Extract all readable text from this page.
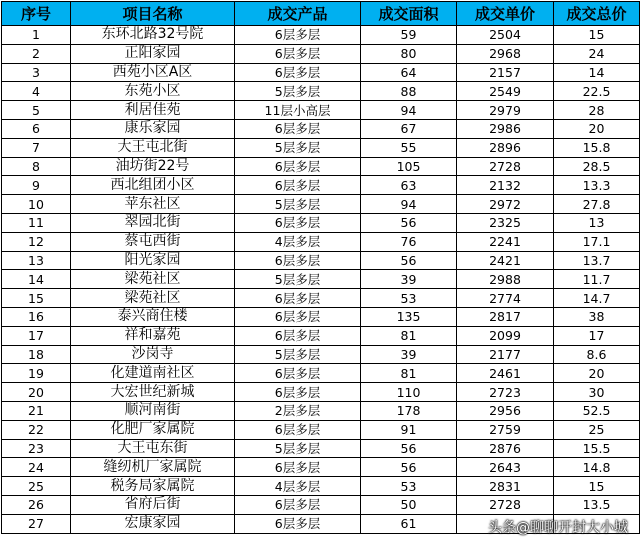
序号	项目名称	成交产品	成交面积	成交单价	成交总价
1	东环北路32号院	6层多层	59	2504	15
2	正阳家园	6层多层	80	2968	24
3	西苑小区A区	6层多层	64	2157	14
4	东苑小区	5层多层	88	2549	22.5
5	利居佳苑	11层小高层	94	2979	28
6	康乐家园	6层多层	67	2986	20
7	大王屯北街	5层多层	55	2896	15.8
8	油坊街22号	6层多层	105	2728	28.5
9	西北组团小区	6层多层	63	2132	13.3
10	苹东社区	5层多层	94	2972	27.8
11	翠园北街	6层多层	56	2325	13
12	蔡屯西街	4层多层	76	2241	17.1
13	阳光家园	6层多层	56	2421	13.7
14	梁苑社区	5层多层	39	2988	11.7
15	梁苑社区	6层多层	53	2774	14.7
16	泰兴商住楼	6层多层	135	2817	38
17	祥和嘉苑	6层多层	81	2099	17
18	沙岗寺	5层多层	39	2177	8.6
19	化建道南社区	6层多层	81	2461	20
20	大宏世纪新城	6层多层	110	2723	30
21	顺河南街	2层多层	178	2956	52.5
22	化肥厂家属院	6层多层	91	2759	25
23	大王屯东街	5层多层	56	2876	15.5
24	缝纫机厂家属院	6层多层	56	2643	14.8
25	税务局家属院	4层多层	53	2831	15
26	省府后街	6层多层	50	2728	13.5
27	宏康家园	6层多层	61			头条@聊聊开封大小城
